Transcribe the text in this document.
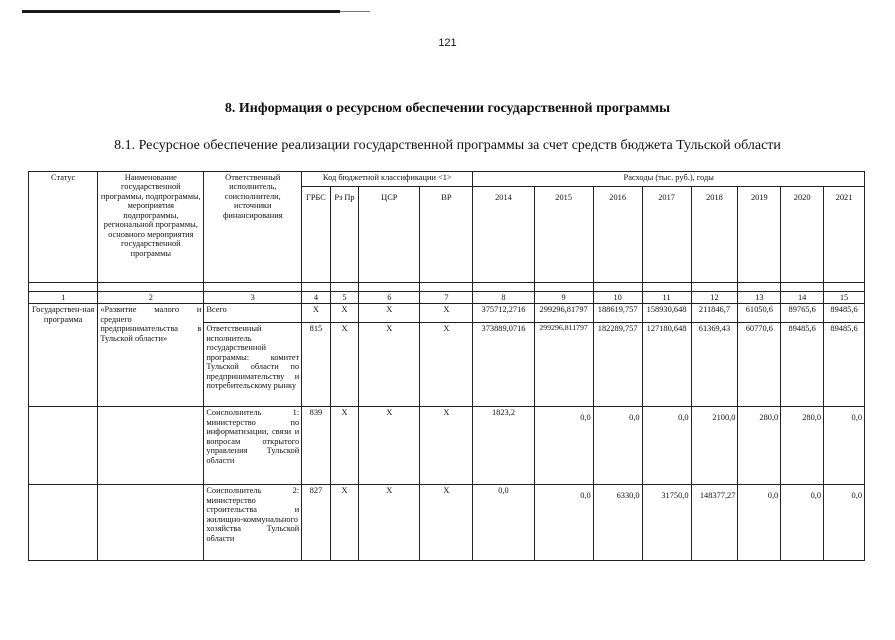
121
8. Информация о ресурсном обеспечении государственной программы
8.1. Ресурсное обеспечение реализации государственной программы за счет средств бюджета Тульской области
Статус	Наименование государственной программы, подпрограммы, мероприятия подпрограммы, региональной программы, основного мероприятия государственной программы	Ответственный исполнитель, соисполнители, источники финансирования	Код бюджетной классификации <1>				Расходы (тыс. руб.), годы							
			ГРБС	Рз Пр	ЦСР	ВР	2014	2015	2016	2017	2018	2019	2020	2021

1	2	3	4	5	6	7	8	9	10	11	12	13	14	15
Государствен-ная программа	«Развитие малого и среднего предпринимательства в Тульской области»	Всего	X	X	X	X	375712,2716	299296,81797	188619,757	158930,648	211846,7	61050,6	89765,6	89485,6
		Ответственный исполнитель государственной программы: комитет Тульской области по предпринимательству и потребительскому рынку	815	X	X	X	373889,0716	299296,811797	182289,757	127180,648	61369,43	60770,6	89485,6	89485,6
		Соисполнитель 1: министерство по информатизации, связи и вопросам открытого управления Тульской области	839	X	X	X	1823,2	0,0	0,0	0,0	2100,0	280,0	280,0	0,0
		Соисполнитель 2: министерство строительства и жилищно-коммунального хозяйства Тульской области	827	X	X	X	0,0	0,0	6330,0	31750,0	148377,27	0,0	0,0	0,0
